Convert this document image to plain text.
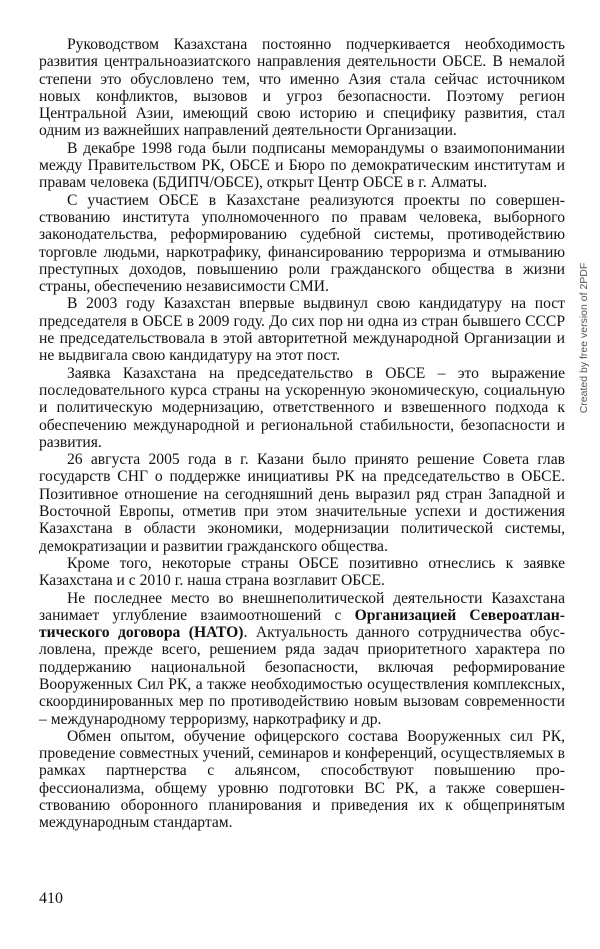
Руководством Казахстана постоянно подчеркивается необходимость развития центральноазиатского направления деятельности ОБСЕ. В немалой степени это обусловлено тем, что именно Азия стала сейчас источником новых конфликтов, вызовов и угроз безопасности. Поэтому регион Центральной Азии, имеющий свою историю и специфику развития, стал одним из важнейших направлений деятельности Организации.

В декабре 1998 года были подписаны меморандумы о взаимопонимании между Правительством РК, ОБСЕ и Бюро по демократическим институтам и правам человека (БДИПЧ/ОБСЕ), открыт Центр ОБСЕ в г. Алматы.

С участием ОБСЕ в Казахстане реализуются проекты по совершенствованию института уполномоченного по правам человека, выборного законодательства, реформированию судебной системы, противодействию торговле людьми, наркотрафику, финансированию терроризма и отмыванию преступных доходов, повышению роли гражданского общества в жизни страны, обеспечению независимости СМИ.

В 2003 году Казахстан впервые выдвинул свою кандидатуру на пост председателя в ОБСЕ в 2009 году. До сих пор ни одна из стран бывшего СССР не председательствовала в этой авторитетной международной Организации и не выдвигала свою кандидатуру на этот пост.

Заявка Казахстана на председательство в ОБСЕ – это выражение последовательного курса страны на ускоренную экономическую, социальную и политическую модернизацию, ответственного и взвешенного подхода к обеспечению международной и региональной стабильности, безопасности и развития.

26 августа 2005 года в г. Казани было принято решение Совета глав государств СНГ о поддержке инициативы РК на председательство в ОБСЕ. Позитивное отношение на сегодняшний день выразил ряд стран Западной и Восточной Европы, отметив при этом значительные успехи и достижения Казахстана в области экономики, модернизации политической системы, демократизации и развитии гражданского общества.

Кроме того, некоторые страны ОБСЕ позитивно отнеслись к заявке Казахстана и с 2010 г. наша страна возглавит ОБСЕ.

Не последнее место во внешнеполитической деятельности Казахстана занимает углубление взаимоотношений с Организацией Североатлантического договора (НАТО). Актуальность данного сотрудничества обусловлена, прежде всего, решением ряда задач приоритетного характера по поддержанию национальной безопасности, включая реформирование Вооруженных Сил РК, а также необходимостью осуществления комплексных, скоординированных мер по противодействию новым вызовам современности – международному терроризму, наркотрафику и др.

Обмен опытом, обучение офицерского состава Вооруженных сил РК, проведение совместных учений, семинаров и конференций, осуществляемых в рамках партнерства с альянсом, способствуют повышению профессионализма, общему уровню подготовки ВС РК, а также совершенствованию оборонного планирования и приведения их к общепринятым международным стандартам.

410
Created by free version of 2PDF
